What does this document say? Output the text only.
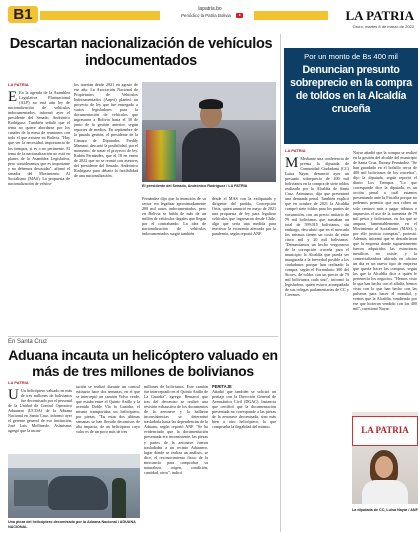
B1	lapatria.bo
Periódico la Patria Bolivia	LA PATRIA
Oruro, martes 8 de marzo de 2022
Descartan nacionalización de vehículos indocumentados
LA PATRIA
E En la agenda de la Asamblea Legislativa Plurinacional (ALP) no está aún ley de nacionalización de vehículos indocumentados, informó ayer el presidente del Senado, Andrónico Rodríguez. También señaló que el tema no quiere abordarse por los canales de la mesa de reuniones con todo el que existen en Bolivia. "Hay que ver la necesidad, importancia de los tiempos, si es o no pertinente. El tema de la nacionalización no está en planes de la Asamblea Legislativa, pero consideramos que es importante y no debemos descuidar", afirmó el senador del Movimiento Al Socialismo (MAS). La propuesta de nacionalización de vehícu-
los traerían desde 2021 en agosto de ese año. La Asociación Nacional de Propietarios de Vehículos Indocumentados (Anpvi) planteó un proyecto de ley que fue entregado a varios legisladores para la documentación de vehículos que ingresaron a Bolivia hasta el 30 de junio de la gestión anterior, según reportes de medios. En septiembre de la pasada gestión, el presidente de la Cámara de Diputados, Freddy Mamani, descartó la posibilidad, por el momento, de tratar el proyecto de ley. Rubén Fernández, que el 18 en enero de 2022 que no se reunió con asesores del presidente del Senado, Andrónico Rodríguez para debatir la factibilidad de una nacionalización.
El presidente del Senado, Andrónico Rodríguez / LA PATRIA
Fernández dijo que la intención de su sector era legalizar aproximadamente 200 mil autos indocumentados, pero en Bolivia se habla de más de un millón de vehículos ilegales que llegan por el contrabando. La idea de nacionalización de vehículos indocumentados surgió también
desde el MAS con la exdiputada y dirigente del partido, Concepción Ortiz, quien anunció en mayo de 2021 una propuesta de ley para legalizar vehículos que ingresaron desde Chile, algo que sería una medida para reactivar la economía afectada por la pandemia, según reportó ANF.
Por un monto de Bs 400 mil
Denuncian presunto sobreprecio en la compra de toldos en la Alcaldía cruceña
LA PATRIA
M Mediante una conferencia de prensa la diputada de Comunidad Ciudadana (CC) Luisa Nayar, denunció ayer un presunto sobreprecio de 400 mil bolivianos en la compra de siete toldos realizada por la Alcaldía de Santa Cruz. Asimismo, dijo que presentará una demanda penal. También explicó que en octubre de 2021 la Alcaldía compró siete toldos para los puntos de vacunación, con un precio unitario de 79 mil bolivianos que sumaban un total de 599.015 bolivianos, sin embargo, descubrió que en el mercado los mismos tienen un costo de entre cinco mil y 20 mil bolivianos. "Denunciamos un hecho vergonzoso de la corrupción cruceña para el municipio la Alcaldía que pueda ser inaugurada a la brevedad posible a los ciudadanos porque han realizado la compra, según el Formulario 300 del Sicoes, de toldos con un precio de 79 mil bolivianos cada uno", informó la legisladora, quien estuvo acompañada de sus colegas parlamentarias de CC y Creemos.
Nayar añadió que la compra se realizó en la gestión del alcalde del municipio de Santa Cruz, Jhonny Fernández. "Se han guardado en el bolsillo cerca de 400 mil bolivianos de los cruceños", dijo la diputada, según reportó el diario Los Tiempos. "Lo que corresponde dice la diputada, es un acción penal a cuál estamos presentando ante la Fiscalía porque no podemos permitir que nos roben un solo centavo más a pagar tributos e impuestos el uso de la tormenta de 79 mil pesos y bolivianos, en los que se ampara, lamentablemente, en el Movimiento al Socialismo (MAS), y por ello justicia corruptas", protestó. Además, informó que se descubrieron que la empresa donde supuestamente fueron adquiridos las estructuras metálicas no existe, y la comercializadora ubicada en oficina un día es un nuevo tipo de empresa que quería hacer las compras, según las que la Alcaldía dice a quién le pertenecía los negocios. "Hemos visto lo que han hecho con el alfalfa, hemos visto con lo que han hecho con las pulseras para hacer el mundial, y vemos que la Alcaldía, vendiendo por ese que hicieron vendido con los 400 mil", cuestionó Nayar.
LA PATRIA
La diputada de CC, Luisa Nayar / ANF
En Santa Cruz
Aduana incauta un helicóptero valuado en más de tres millones de bolivianos
LA PATRIA
U Un helicóptero valuado en más de tres millones de bolivianos fue decomisado por el personal de la Unidad de Control Operativo Aduanero (UCOA) de la Aduana Nacional en Santa Cruz, informó ayer el gerente general de esa institución, José Luis Mollinedo. Asimismo, agregó que la incau-
tación se realizó durante un control rutinario hace dos semanas, en el que se interceptó un camión Volvo verde, que estaba entre el Quinto Anillo y la avenida Doble Vía la Guardia, el mismo transportaba un helicóptero, por piezas. "En estas dos últimas semanas se han llevado decomisos de alto impacto, de un helicóptero cuyo valor es de un poco más de tres
Una pieza del helicóptero decomisado por la Aduana Nacional / ADUANA NACIONAL
millones de bolivianos. Este camión fue interceptado en el Quinto Anillo de La Guardia", agregó. Remarcó que tras del decomiso se realizó una revisión exhaustiva de los documentos de la aeronave y la hallaron inconsistencias se determinó trasladarla hasta las dependencias de la Aduana, según reportó ANF. "Se ha evidenciado que la documentación presentada era inconsistente, las piezas y partes de la aeronave fueron trasladadas a un recinto Aduanero, lugar donde se realiza un análisis, se dice, el reconocimiento físico de la mercancía para comprobar su naturaleza, origen, condición, cantidad, otros", indicó.
PERITAJE
Añadió que también se solicitó un peritaje con la Dirección General de Aeronáutica Civil (DGAC). Instancia que certificó que la documentación presentada no corresponde a las piezas de la aeronave decomisada, sino más bien a otro helicóptero, lo que comprueba la ilegalidad del mismo.
